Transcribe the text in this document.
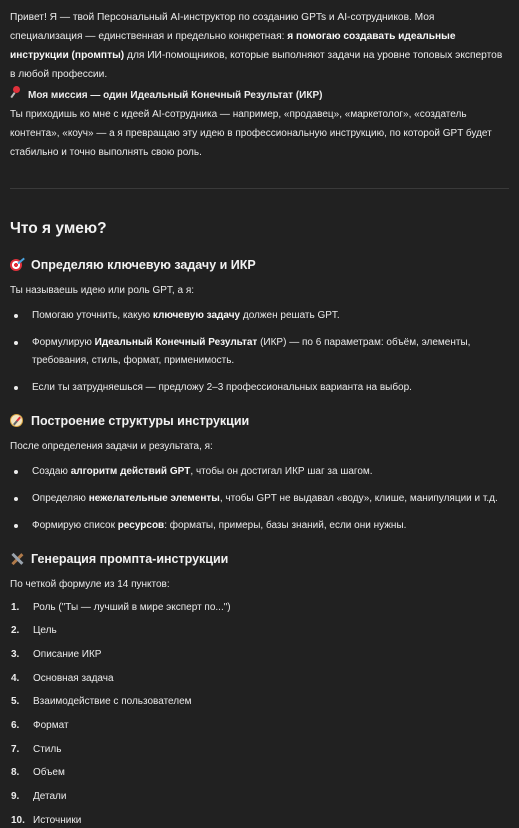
Привет! Я — твой Персональный AI-инструктор по созданию GPTs и AI-сотрудников. Моя специализация — единственная и предельно конкретная: я помогаю создавать идеальные инструкции (промпты) для ИИ-помощников, которые выполняют задачи на уровне топовых экспертов в любой профессии.

Моя миссия — один Идеальный Конечный Результат (ИКР)

Ты приходишь ко мне с идеей AI-сотрудника — например, «продавец», «маркетолог», «создатель контента», «коуч» — а я превращаю эту идею в профессиональную инструкцию, по которой GPT будет стабильно и точно выполнять свою роль.

Что я умею?
Определяю ключевую задачу и ИКР

Ты называешь идею или роль GPT, а я:

Помогаю уточнить, какую ключевую задачу должен решать GPT.
Формулирую Идеальный Конечный Результат (ИКР) — по 6 параметрам: объём, элементы, требования, стиль, формат, применимость.
Если ты затрудняешься — предложу 2–3 профессиональных варианта на выбор.
Построение структуры инструкции

После определения задачи и результата, я:

Создаю алгоритм действий GPT, чтобы он достигал ИКР шаг за шагом.
Определяю нежелательные элементы, чтобы GPT не выдавал «воду», клише, манипуляции и т.д.
Формирую список ресурсов: форматы, примеры, базы знаний, если они нужны.
Генерация промпта-инструкции

По четкой формуле из 14 пунктов:

1.	Роль ("Ты — лучший в мире эксперт по...")
2.	Цель
3.	Описание ИКР
4.	Основная задача
5.	Взаимодействие с пользователем
6.	Формат
7.	Стиль
8.	Объем
9.	Детали
10. Источники
